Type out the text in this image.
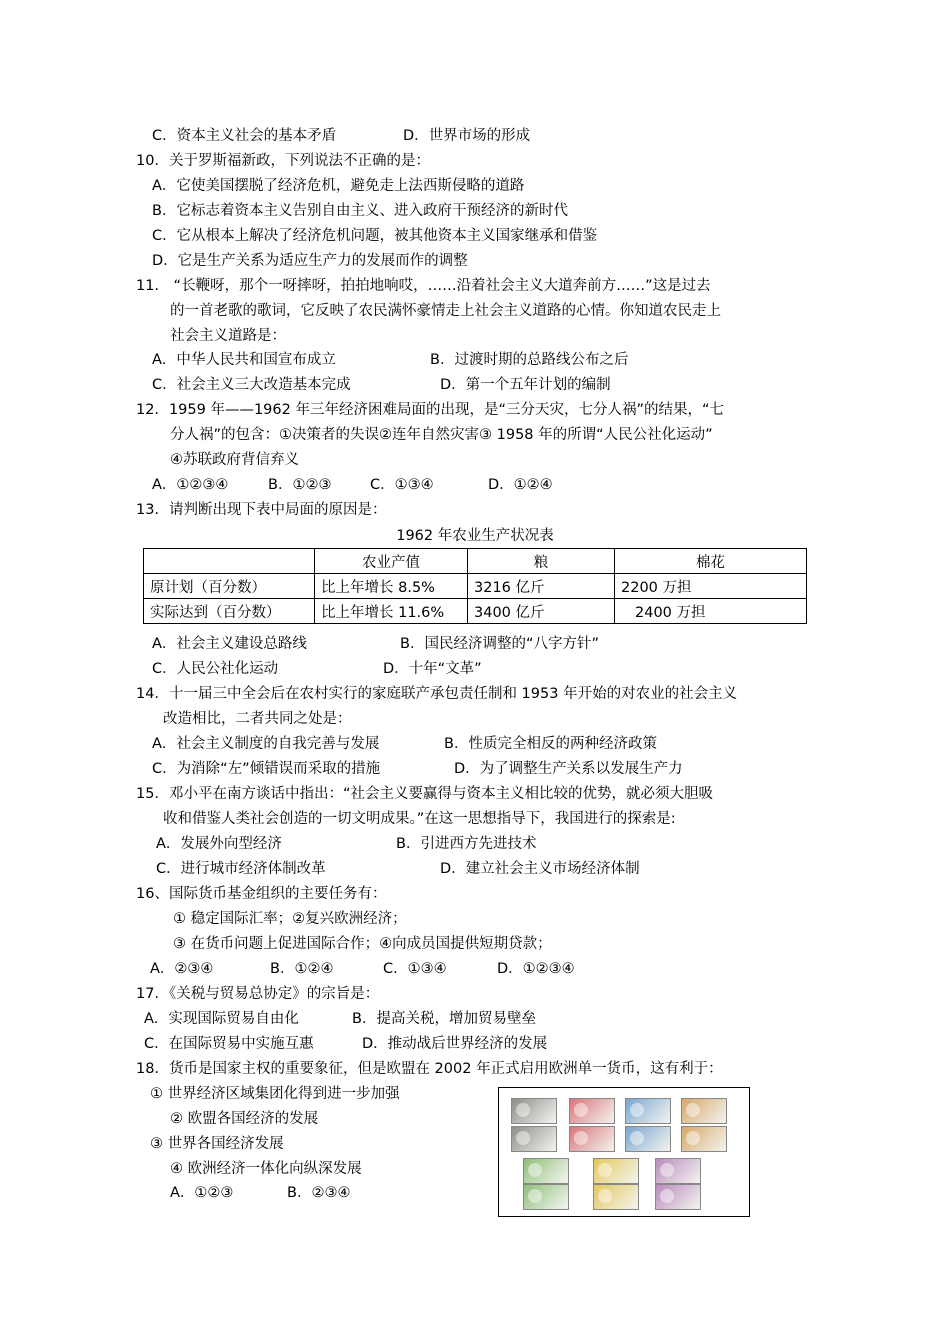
C．资本主义社会的基本矛盾	D．世界市场的形成
10．关于罗斯福新政，下列说法不正确的是：
A．它使美国摆脱了经济危机，避免走上法西斯侵略的道路
B．它标志着资本主义告别自由主义、进入政府干预经济的新时代
C．它从根本上解决了经济危机问题，被其他资本主义国家继承和借鉴
D．它是生产关系为适应生产力的发展而作的调整
11． “长鞭呀，那个一呀摔呀，拍拍地响哎，……沿着社会主义大道奔前方……”这是过去
的一首老歌的歌词，它反映了农民满怀豪情走上社会主义道路的心情。你知道农民走上
社会主义道路是：
A．中华人民共和国宣布成立	B．过渡时期的总路线公布之后
C．社会主义三大改造基本完成	D．第一个五年计划的编制
12．1959 年——1962 年三年经济困难局面的出现，是“三分天灾，七分人祸”的结果，“七
分人祸”的包含：①决策者的失误②连年自然灾害③ 1958 年的所谓“人民公社化运动”
④苏联政府背信弃义
A．①②③④	B．①②③	C．①③④	D．①②④
13．请判断出现下表中局面的原因是：
A．社会主义建设总路线	B．国民经济调整的“八字方针”
C．人民公社化运动	D．十年“文革”
14．十一届三中全会后在农村实行的家庭联产承包责任制和 1953 年开始的对农业的社会主义
改造相比，二者共同之处是：
A．社会主义制度的自我完善与发展	B．性质完全相反的两种经济政策
C．为消除“左”倾错误而采取的措施	D．为了调整生产关系以发展生产力
15．邓小平在南方谈话中指出：“社会主义要赢得与资本主义相比较的优势，就必须大胆吸
收和借鉴人类社会创造的一切文明成果。”在这一思想指导下，我国进行的探索是:
A．发展外向型经济	B．引进西方先进技术
C．进行城市经济体制改革	D．建立社会主义市场经济体制
16、国际货币基金组织的主要任务有：
① 稳定国际汇率；②复兴欧洲经济；
③ 在货币问题上促进国际合作；④向成员国提供短期贷款；
A．②③④	B．①②④	C．①③④	D．①②③④
17．《关税与贸易总协定》的宗旨是：
A．实现国际贸易自由化	B．提高关税，增加贸易壁垒
C．在国际贸易中实施互惠	D．推动战后世界经济的发展
18．货币是国家主权的重要象征，但是欧盟在 2002 年正式启用欧洲单一货币，这有利于：
① 世界经济区域集团化得到进一步加强
② 欧盟各国经济的发展
③ 世界各国经济发展
④ 欧洲经济一体化向纵深发展
A．①②③	B．②③④
1962 年农业生产状况表
	农业产值	粮	棉花
原计划（百分数）	比上年增长 8.5%	3216 亿斤	2200 万担
实际达到（百分数）	比上年增长 11.6%	3400 亿斤	2400 万担
